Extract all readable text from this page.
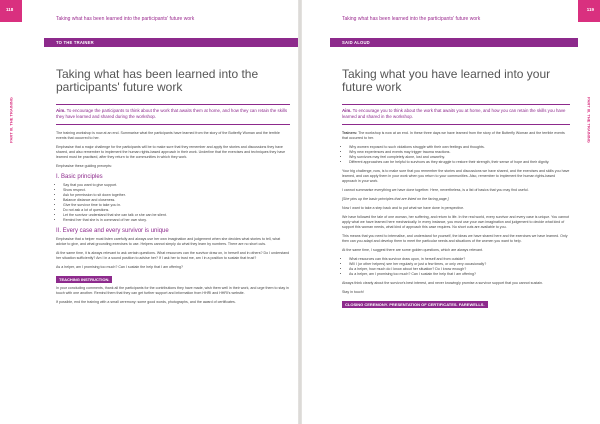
118
PART III. THE TRAINING
Taking what has been learned into the participants' future work
TO THE TRAINER
Taking what has been learned into the participants' future work
Aim. To encourage the participants to think about the work that awaits them at home, and how they can retain the skills they have learned and shared during the workshop.

The training workshop is now at an end. Summarise what the participants have learned from the story of the Butterfly Woman and the terrible events that occurred to her.

Emphasise that a major challenge for the participants will be to make sure that they remember and apply the stories and discussions they have shared, and also remember to implement the human rights-based approach in their work. Underline that the exercises and techniques they have learned must be practised, after they return to the communities in which they work.

Emphasise these guiding precepts:

I. Basic principles
• Say that you want to give support.
• Show respect.
• Ask for permission to sit down together.
• Balance distance and closeness.
• Give the survivor time to take you in.
• Do not ask a lot of questions.
• Let the survivor understand that she can talk or she can be silent.
• Remind her that she is in command of her own story.
II. Every case and every survivor is unique

Emphasise that a helper must listen carefully and always use her own imagination and judgement when she decides what stories to tell, what advice to give, and what grounding exercises to use. Helpers cannot simply do what they learn by numbers. There are no short cuts.

At the same time, it is always relevant to ask certain questions. What resources can the survivor draw on, in herself and in others? Do I understand her situation sufficiently? Am I in a sound position to advise her? If I ask her to trust me, am I in a position to sustain that trust?

As a helper, am I promising too much? Can I sustain the help that I am offering?

TEACHING INSTRUCTION.

In your concluding comments, thank all the participants for the contributions they have made, wish them well in their work, and urge them to stay in touch with one another. Remind them that they can get further support and information from HHRI and HHRI's website.

If possible, end the training with a small ceremony: some good words, photographs, and the award of certificates.

119
PART III. THE TRAINING
Taking what has been learned into the participants' future work
SAID ALOUD
Taking what you have learned into your future work
Aim. To encourage you to think about the work that awaits you at home, and how you can retain the skills you have learned and shared in the workshop.

Trainers: The workshop is now at an end. In these three days we have learned from the story of the Butterfly Woman and the terrible events that occurred to her.

• Why women exposed to such violations struggle with their own feelings and thoughts.
• Why new experiences and events may trigger trauma reactions.
• Why survivors may feel completely alone, lost and unworthy.
• Different approaches can be helpful to survivors as they struggle to restore their strength, their sense of hope and their dignity.

Your big challenge, now, is to make sure that you remember the stories and discussions we have shared, and the exercises and skills you have learned, and can apply them in your work when you return to your communities. Also, remember to implement the human rights-based approach in your work.

I cannot summarise everything we have done together. Here, nevertheless, is a list of basics that you may find useful.

[She pins up the basic principles that are listed on the facing page.]

Now I want to take a step back and to put what we have done in perspective.

We have followed the tale of one woman, her suffering, and return to life. In the real world, every survivor and every case is unique. You cannot apply what we have learned here mechanically. In every instance, you must use your own imagination and judgement to decide what kind of support this woman needs, what kind of approach this case requires. No short cuts are available to you.

This means that you need to internalise, and understand for yourself, the ideas we have shared here and the exercises we have learned. Only then can you adapt and develop them to meet the particular needs and situations of the women you want to help.

At the same time, I suggest there are some golden questions, which are always relevant.

• What resources can this survivor draw upon, in herself and from outside?
• Will I (or other helpers) see her regularly or just a few times, or only very occasionally?
• As a helper, how much do I know about her situation? Do I know enough?
• As a helper, am I promising too much? Can I sustain the help that I am offering?

Always think clearly about the survivor's best interest, and never knowingly promise a survivor support that you cannot sustain.

Stay in touch!

CLOSING CEREMONY. PRESENTATION OF CERTIFICATES. FAREWELLS.
